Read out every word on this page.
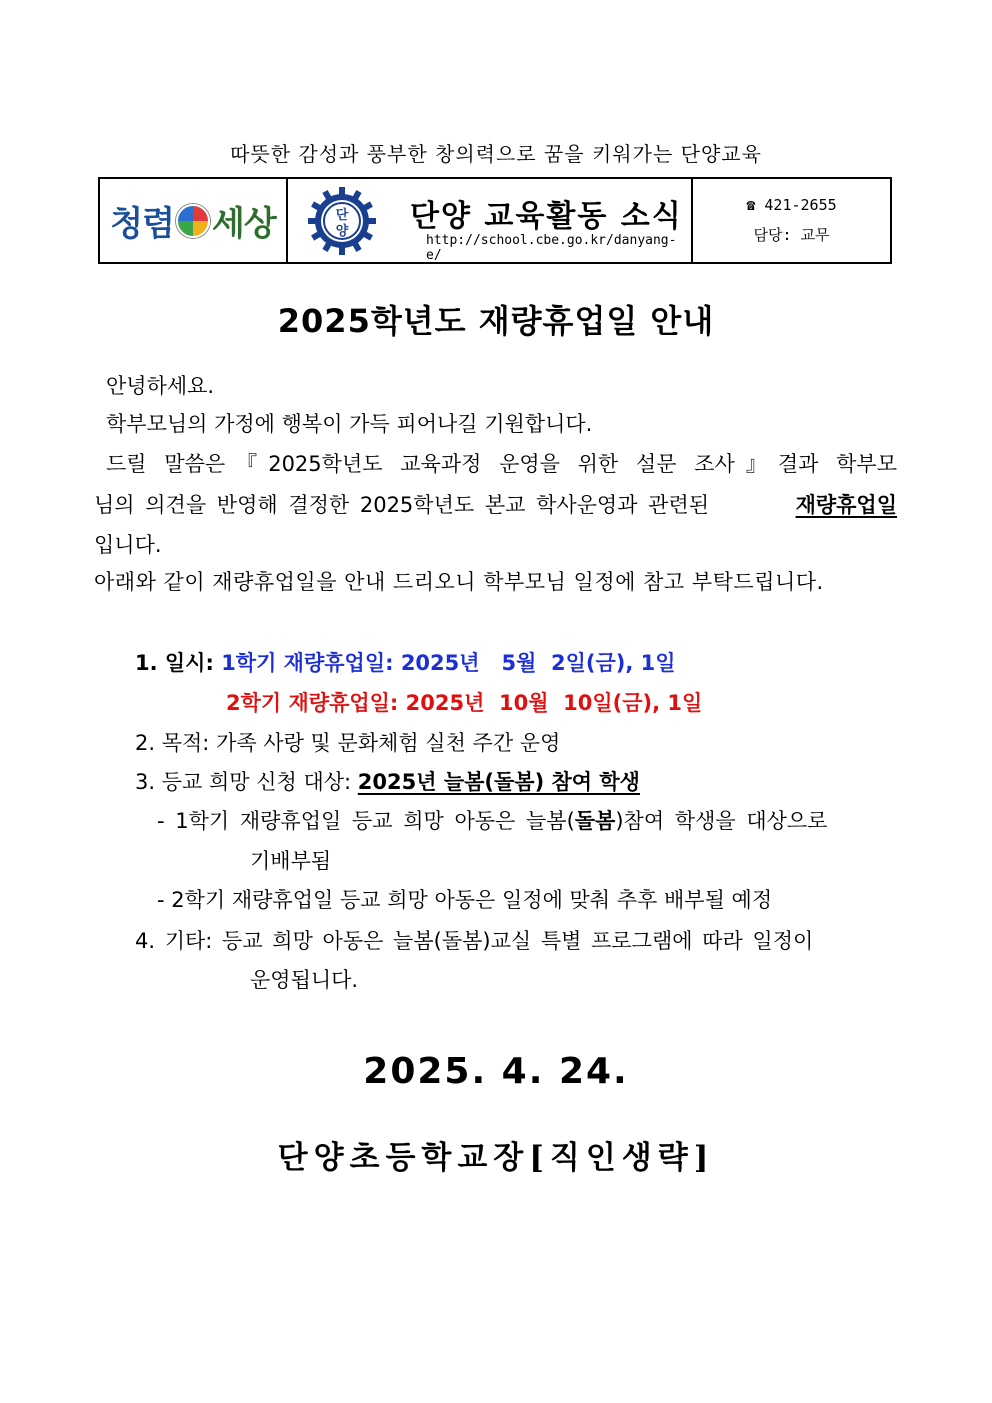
따뜻한 감성과 풍부한 창의력으로 꿈을 키워가는 단양교육
청렴 세상	단
양 단양 교육활동 소식
http://school.cbe.go.kr/danyang-e/
☎ 421-2655
담당: 교무
2025학년도 재량휴업일 안내
안녕하세요.
학부모님의 가정에 행복이 가득 피어나길 기원합니다.
드릴 말씀은『2025학년도 교육과정 운영을 위한 설문 조사』결과 학부모
님의 의견을 반영해 결정한 2025학년도 본교 학사운영과 관련된	재량휴업일
입니다.
아래와 같이 재량휴업일을 안내 드리오니 학부모님 일정에 참고 부탁드립니다.
1. 일시: 1학기 재량휴업일: 2025년   5월  2일(금), 1일
2학기 재량휴업일: 2025년  10월  10일(금), 1일
2. 목적: 가족 사랑 및 문화체험 실천 주간 운영
3. 등교 희망 신청 대상: 2025년 늘봄(돌봄) 참여 학생
- 1학기 재량휴업일 등교 희망 아동은 늘봄( 돌봄 )참여 학생을 대상으로
기배부됨
- 2학기 재량휴업일 등교 희망 아동은 일정에 맞춰 추후 배부될 예정
4. 기타: 등교 희망 아동은 늘봄(돌봄)교실 특별 프로그램에 따라 일정이
운영됩니다.
2025. 4. 24.
단양초등학교장[직인생략]
